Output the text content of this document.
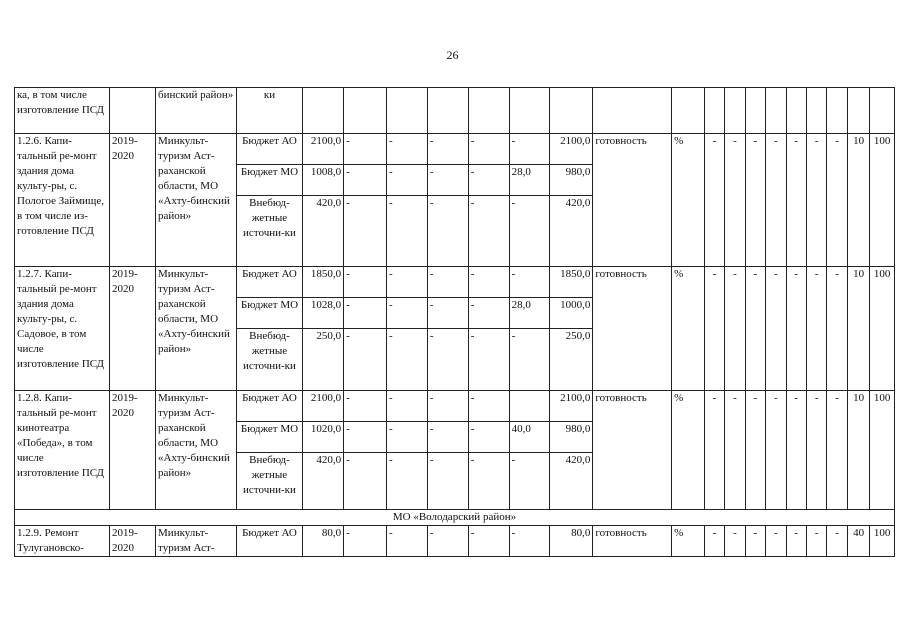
26
ка, в том числе изготовление ПСД		бинский район»	ки																		
1.2.6. Капи-тальный ре-монт здания дома культу-ры, с. Пологое Займище, в том числе из-готовление ПСД	2019-2020	Минкульт-туризм Аст-раханской области, МО «Ахту-бинский район»	Бюджет АО	2100,0	-	-	-	-	-	2100,0	готовность	%	-	-	-	-	-	-	-	10	100
			Бюджет МО	1008,0	-	-	-	-	28,0	980,0											
			Внебюд-жетные источни-ки	420,0	-	-	-	-	-	420,0											
1.2.7. Капи-тальный ре-монт здания дома культу-ры, с. Садовое, в том числе изготовление ПСД	2019-2020	Минкульт-туризм Аст-раханской области, МО «Ахту-бинский район»	Бюджет АО	1850,0	-	-	-	-	-	1850,0	готовность	%	-	-	-	-	-	-	-	10	100
			Бюджет МО	1028,0	-	-	-	-	28,0	1000,0											
			Внебюд-жетные источни-ки	250,0	-	-	-	-	-	250,0											
1.2.8. Капи-тальный ре-монт кинотеатра «Победа», в том числе изготовление ПСД	2019-2020	Минкульт-туризм Аст-раханской области, МО «Ахту-бинский район»	Бюджет АО	2100,0	-	-	-	-		2100,0	готовность	%	-	-	-	-	-	-	-	10	100
			Бюджет МО	1020,0	-	-	-	-	40,0	980,0											
			Внебюд-жетные источни-ки	420,0	-	-	-	-	-	420,0											
МО «Володарский район»																					
1.2.9. Ремонт Тулугановско-	2019-2020	Минкульт-туризм Аст-	Бюджет АО	80,0	-	-	-	-	-	80,0	готовность	%	-	-	-	-	-	-	-	40	100
